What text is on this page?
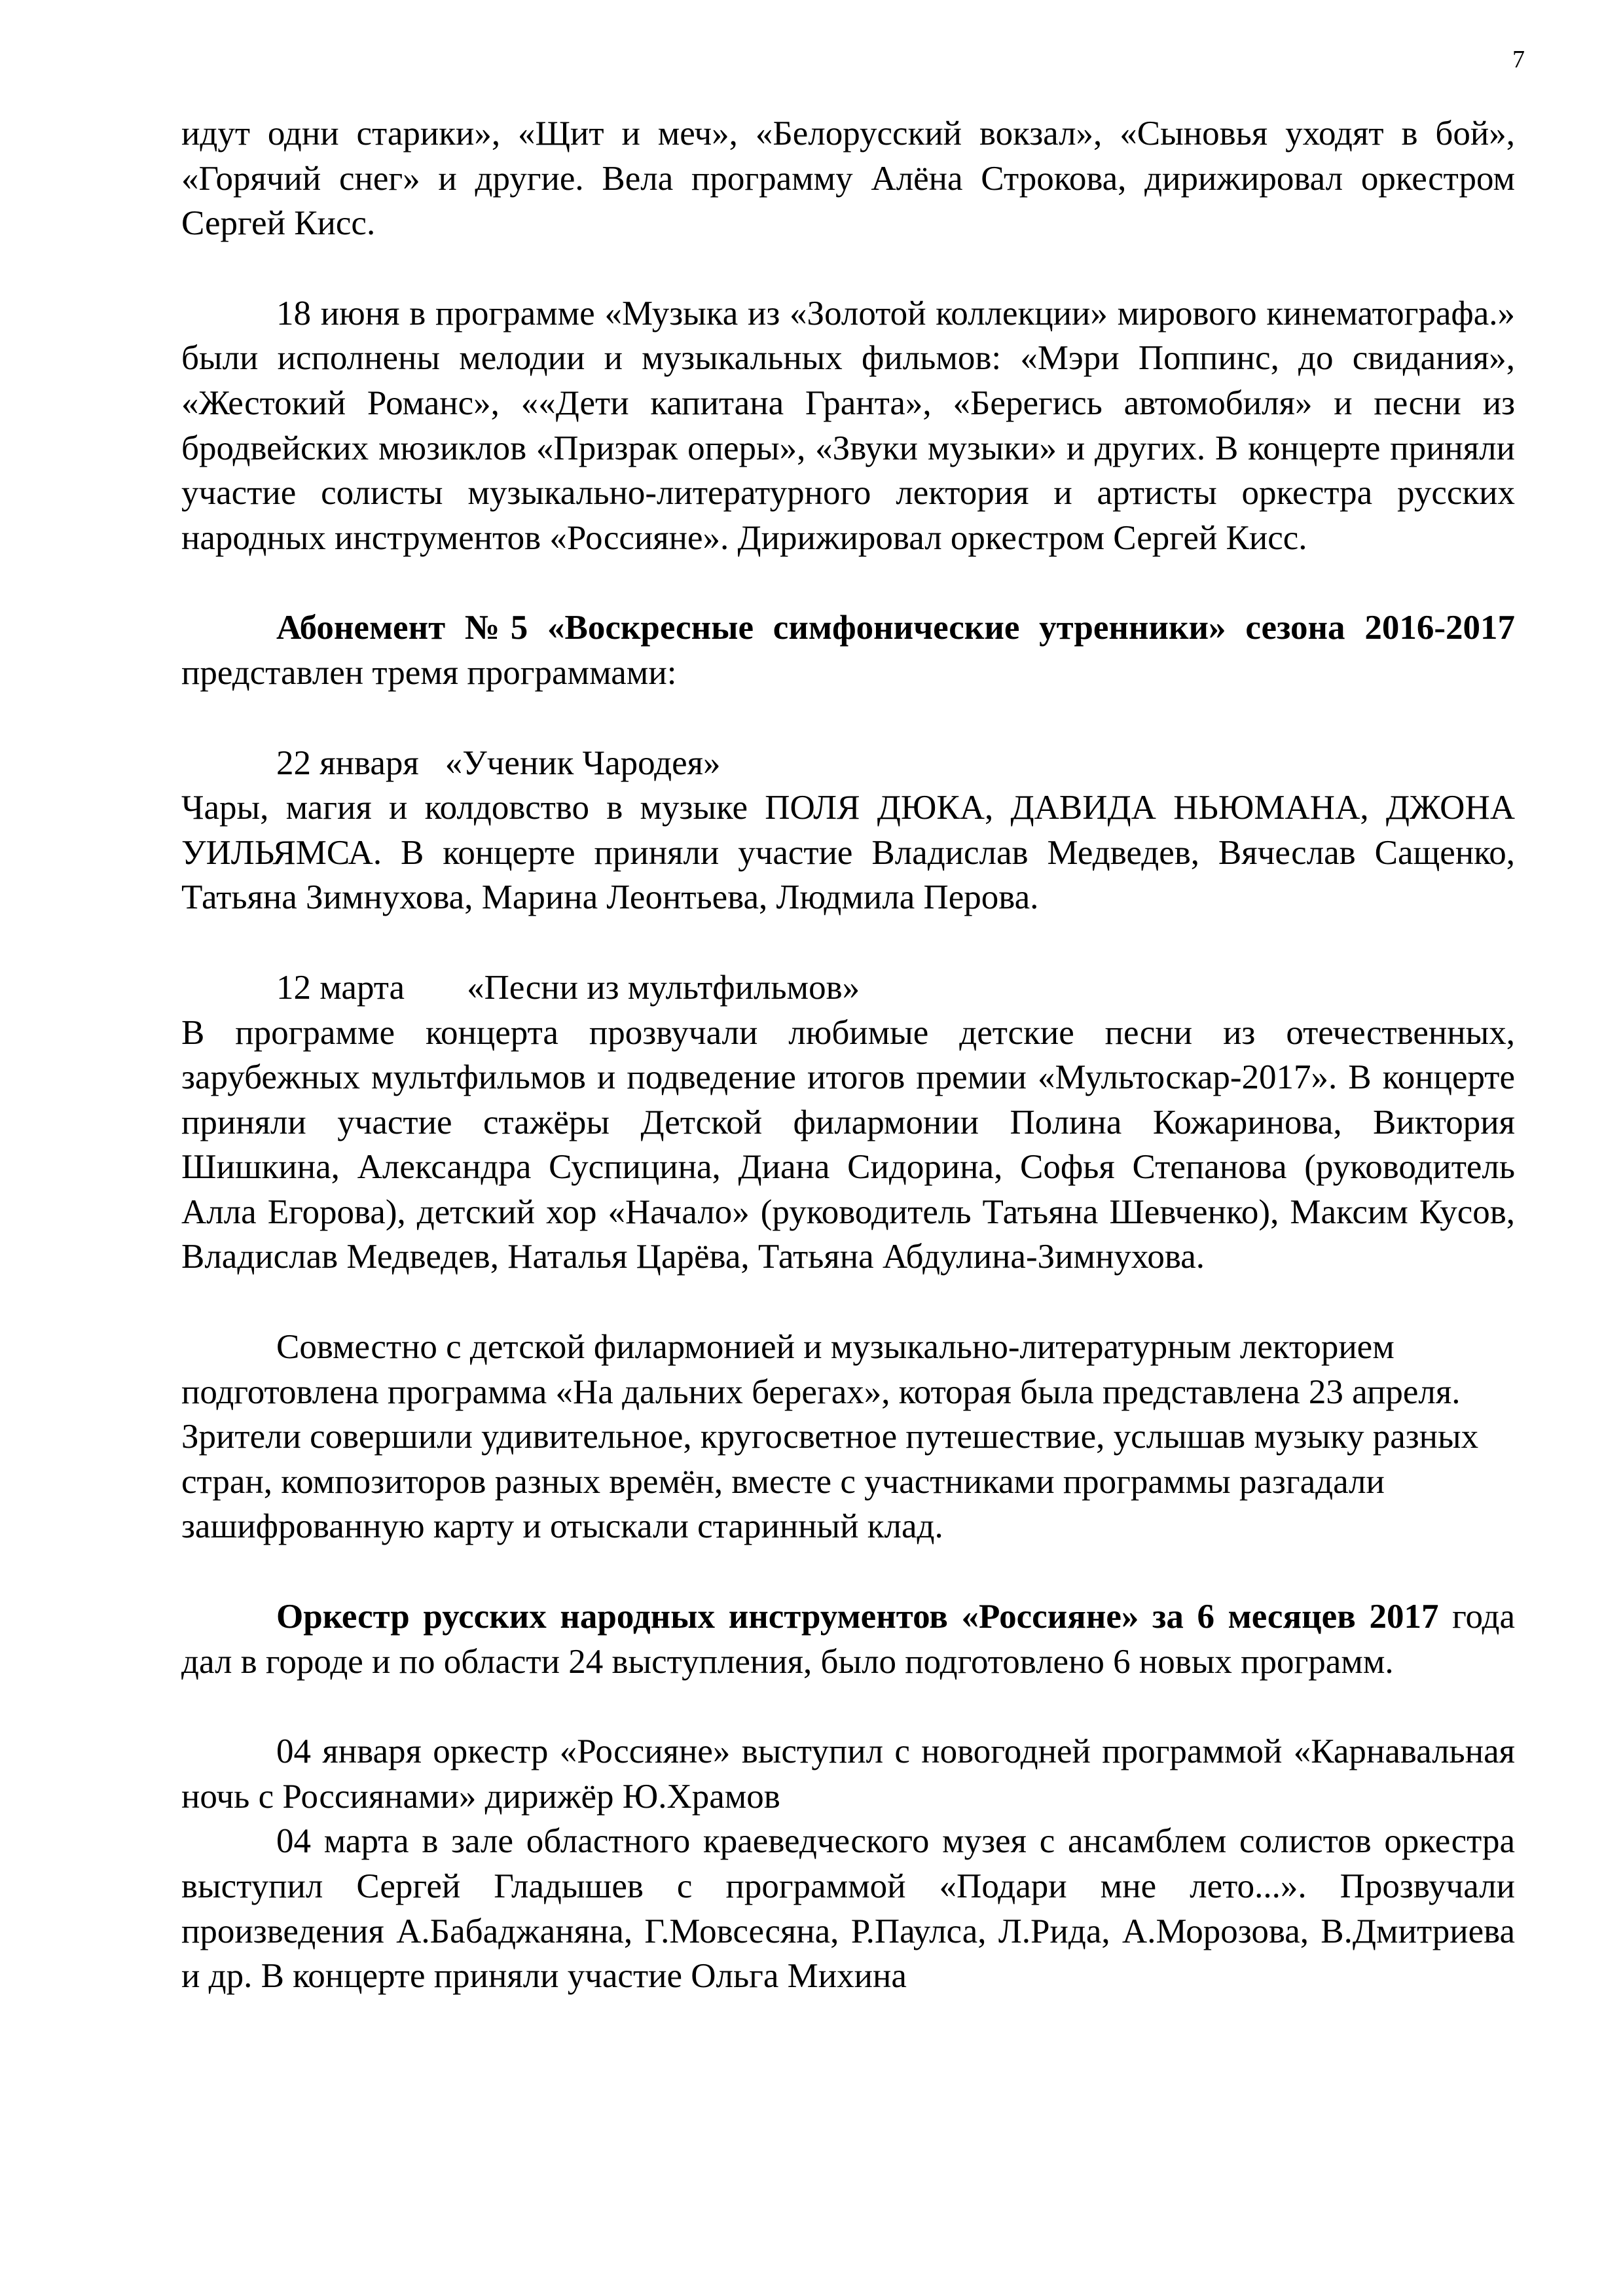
7

идут одни старики», «Щит и меч», «Белорусский вокзал», «Сыновья уходят в бой», «Горячий снег» и другие. Вела программу Алёна Строкова, дирижировал оркестром Сергей Кисс.

18 июня в программе «Музыка из «Золотой коллекции» мирового кинематографа.» были исполнены мелодии и музыкальных фильмов: «Мэри Поппинс, до свидания», «Жестокий Романс», ««Дети капитана Гранта», «Берегись автомобиля» и песни из бродвейских мюзиклов «Призрак оперы», «Звуки музыки» и других. В концерте приняли участие солисты музыкально-литературного лектория и артисты оркестра русских народных инструментов «Россияне». Дирижировал оркестром Сергей Кисс.

Абонемент №5 «Воскресные симфонические утренники» сезона 2016-2017 представлен тремя программами:

22 января «Ученик Чародея»

Чары, магия и колдовство в музыке ПОЛЯ ДЮКА, ДАВИДА НЬЮМАНА, ДЖОНА УИЛЬЯМСА. В концерте приняли участие Владислав Медведев, Вячеслав Сащенко, Татьяна Зимнухова, Марина Леонтьева, Людмила Перова.

12 марта «Песни из мультфильмов»

В программе концерта прозвучали любимые детские песни из отечественных, зарубежных мультфильмов и подведение итогов премии «Мультоскар-2017». В концерте приняли участие стажёры Детской филармонии Полина Кожаринова, Виктория Шишкина, Александра Суспицина, Диана Сидорина, Софья Степанова (руководитель Алла Егорова), детский хор «Начало» (руководитель Татьяна Шевченко), Максим Кусов, Владислав Медведев, Наталья Царёва, Татьяна Абдулина-Зимнухова.

Совместно с детской филармонией и музыкально-литературным лекторием подготовлена программа «На дальних берегах», которая была представлена 23 апреля. Зрители совершили удивительное, кругосветное путешествие, услышав музыку разных стран, композиторов разных времён, вместе с участниками программы разгадали зашифрованную карту и отыскали старинный клад.

Оркестр русских народных инструментов «Россияне» за 6 месяцев 2017 года дал в городе и по области 24 выступления, было подготовлено 6 новых программ.

04 января оркестр «Россияне» выступил с новогодней программой «Карнавальная ночь с Россиянами» дирижёр Ю.Храмов

04 марта в зале областного краеведческого музея с ансамблем солистов оркестра выступил Сергей Гладышев с программой «Подари мне лето...». Прозвучали произведения А.Бабаджаняна, Г.Мовсесяна, Р.Паулса, Л.Рида, А.Морозова, В.Дмитриева и др. В концерте приняли участие Ольга Михина
